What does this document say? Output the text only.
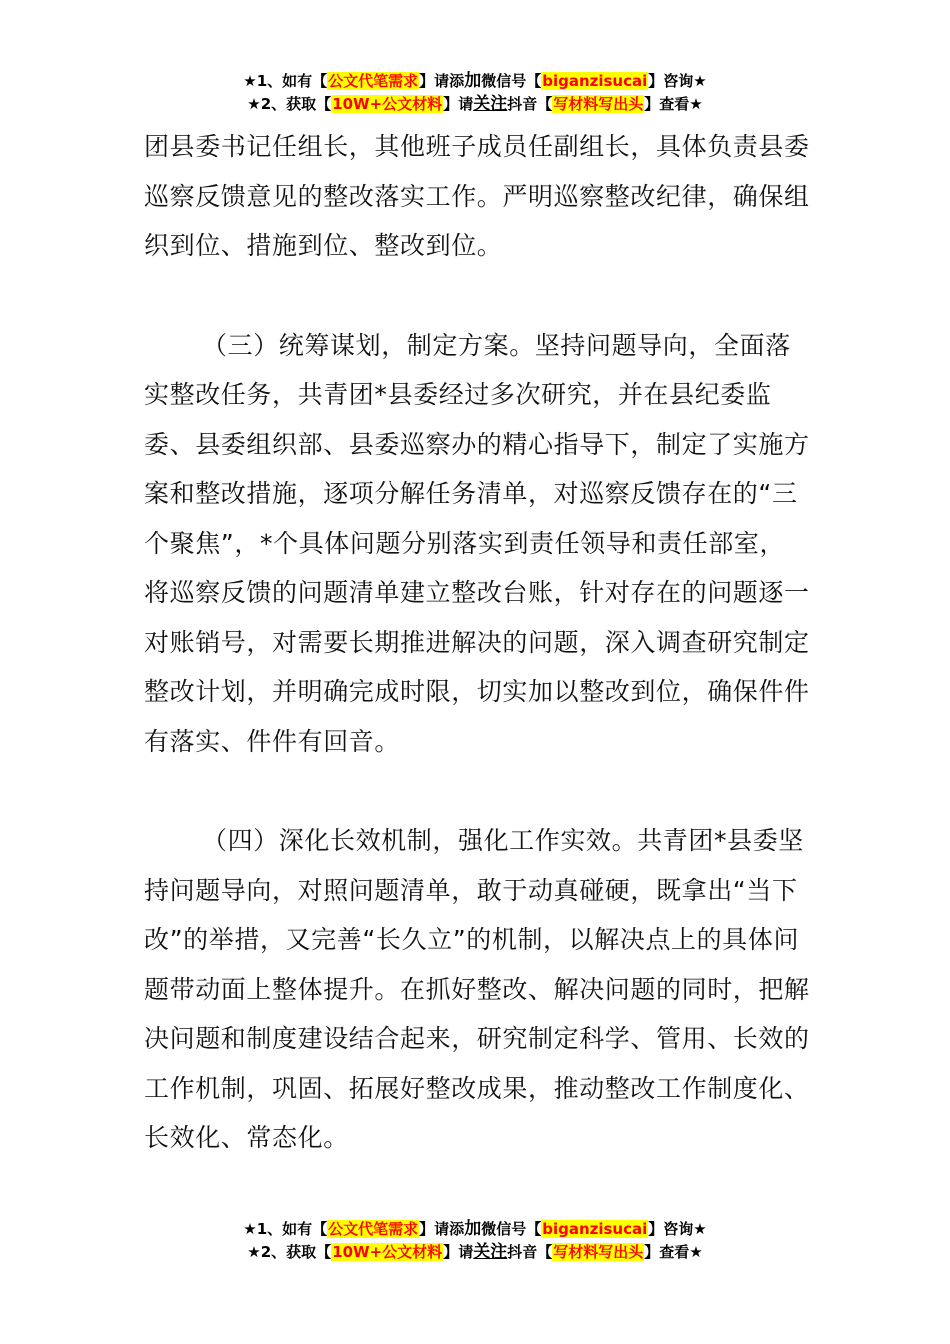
★1、如有【公文代笔需求】请添加微信号【biganzisucai】咨询★
★2、获取【10W+公文材料】请关注抖音【写材料写出头】查看★

团县委书记任组长，其他班子成员任副组长，具体负责县委巡察反馈意见的整改落实工作。严明巡察整改纪律，确保组织到位、措施到位、整改到位。

（三）统筹谋划，制定方案。坚持问题导向，全面落实整改任务，共青团*县委经过多次研究，并在县纪委监委、县委组织部、县委巡察办的精心指导下，制定了实施方案和整改措施，逐项分解任务清单，对巡察反馈存在的“三个聚焦”，*个具体问题分别落实到责任领导和责任部室，将巡察反馈的问题清单建立整改台账，针对存在的问题逐一对账销号，对需要长期推进解决的问题，深入调查研究制定整改计划，并明确完成时限，切实加以整改到位，确保件件有落实、件件有回音。

（四）深化长效机制，强化工作实效。共青团*县委坚持问题导向，对照问题清单，敢于动真碰硬，既拿出“当下改”的举措，又完善“长久立”的机制，以解决点上的具体问题带动面上整体提升。在抓好整改、解决问题的同时，把解决问题和制度建设结合起来，研究制定科学、管用、长效的工作机制，巩固、拓展好整改成果，推动整改工作制度化、长效化、常态化。

★1、如有【公文代笔需求】请添加微信号【biganzisucai】咨询★
★2、获取【10W+公文材料】请关注抖音【写材料写出头】查看★
